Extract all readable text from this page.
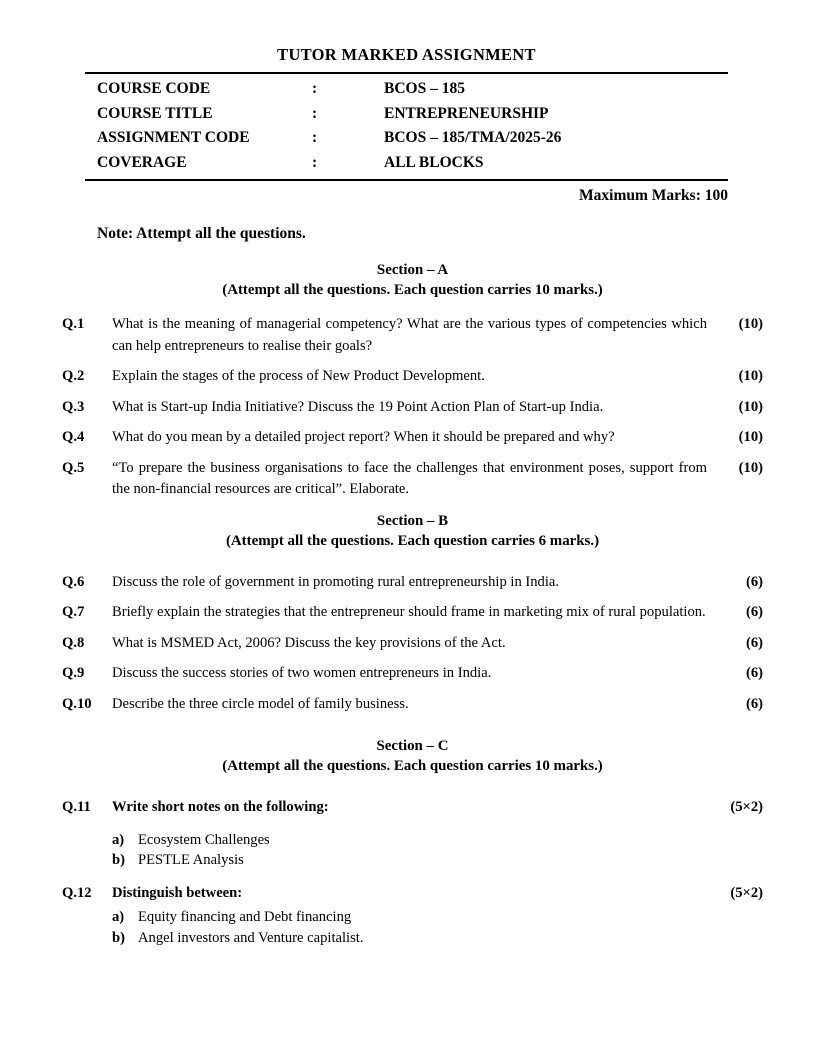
TUTOR MARKED ASSIGNMENT
COURSE CODE	:	BCOS – 185
COURSE TITLE	:	ENTREPRENEURSHIP
ASSIGNMENT CODE	:	BCOS – 185/TMA/2025-26
COVERAGE	:	ALL BLOCKS
Maximum Marks: 100
Note: Attempt all the questions.
Section – A
(Attempt all the questions. Each question carries 10 marks.)
Q.1	What is the meaning of managerial competency? What are the various types of competencies which can help entrepreneurs to realise their goals?
(10)
Q.2	Explain the stages of the process of New Product Development.	(10)
Q.3	What is Start-up India Initiative? Discuss the 19 Point Action Plan of Start-up India.	(10)
Q.4	What do you mean by a detailed project report? When it should be prepared and why?	(10)
Q.5	“To prepare the business organisations to face the challenges that environment poses, support from the non-financial resources are critical”. Elaborate.
(10)
Section – B
(Attempt all the questions. Each question carries 6 marks.)
Q.6	Discuss the role of government in promoting rural entrepreneurship in India.	(6)
Q.7	Briefly explain the strategies that the entrepreneur should frame in marketing mix of rural population.	(6)
Q.8	What is MSMED Act, 2006? Discuss the key provisions of the Act.	(6)
Q.9	Discuss the success stories of two women entrepreneurs in India.	(6)
Q.10	Describe the three circle model of family business.	(6)
Section – C
(Attempt all the questions. Each question carries 10 marks.)
Q.11	Write short notes on the following:
a) Ecosystem Challenges
b) PESTLE Analysis
(5×2)
Q.12	Distinguish between:
a) Equity financing and Debt financing
b) Angel investors and Venture capitalist.
(5×2)
